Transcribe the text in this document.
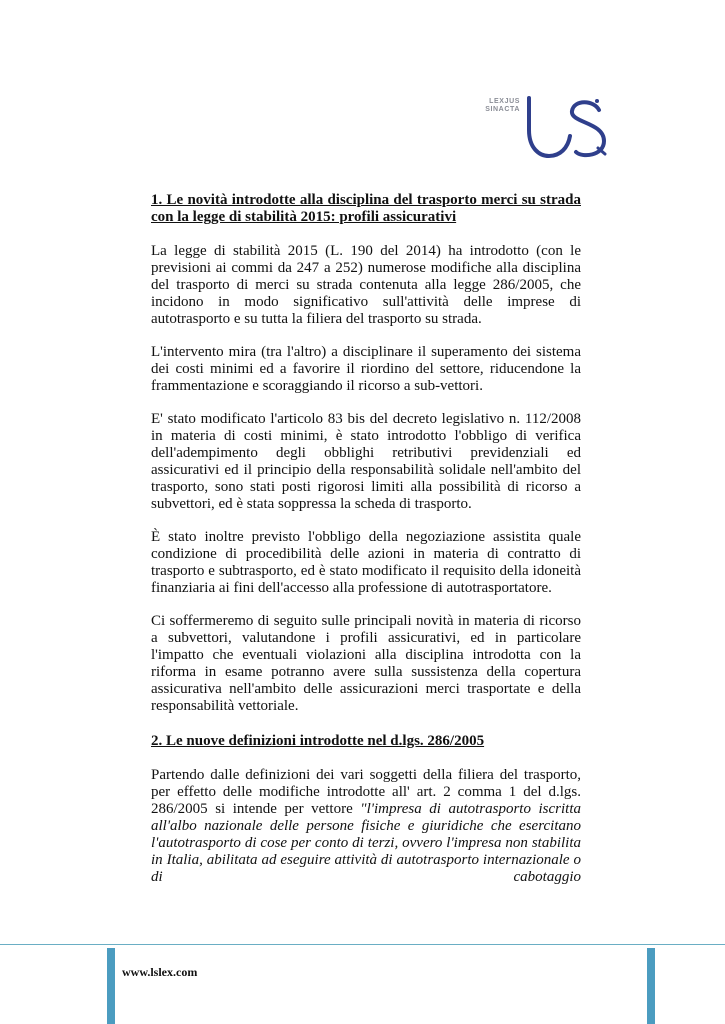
LEXJUS
SINACTA

1. Le novità introdotte alla disciplina del trasporto merci su strada con la legge di stabilità 2015: profili assicurativi

La legge di stabilità 2015 (L. 190 del 2014) ha introdotto (con le previsioni ai commi da 247 a 252) numerose modifiche alla disciplina del trasporto di merci su strada contenuta alla legge 286/2005, che incidono in modo significativo sull'attività delle imprese di autotrasporto e su tutta la filiera del trasporto su strada.

L'intervento mira (tra l'altro) a disciplinare il superamento dei sistema dei costi minimi ed a favorire il riordino del settore, riducendone la frammentazione e scoraggiando il ricorso a sub-vettori.

E' stato modificato l'articolo 83 bis del decreto legislativo n. 112/2008 in materia di costi minimi, è stato introdotto l'obbligo di verifica dell'adempimento degli obblighi retributivi previdenziali ed assicurativi ed il principio della responsabilità solidale nell'ambito del trasporto, sono stati posti rigorosi limiti alla possibilità di ricorso a subvettori, ed è stata soppressa la scheda di trasporto.

È stato inoltre previsto l'obbligo della negoziazione assistita quale condizione di procedibilità delle azioni in materia di contratto di trasporto e subtrasporto, ed è stato modificato il requisito della idoneità finanziaria ai fini dell'accesso alla professione di autotrasportatore.

Ci soffermeremo di seguito sulle principali novità in materia di ricorso a subvettori, valutandone i profili assicurativi, ed in particolare l'impatto che eventuali violazioni alla disciplina introdotta con la riforma in esame potranno avere sulla sussistenza della copertura assicurativa nell'ambito delle assicurazioni merci trasportate e della responsabilità vettoriale.

2. Le nuove definizioni introdotte nel d.lgs. 286/2005

Partendo dalle definizioni dei vari soggetti della filiera del trasporto, per effetto delle modifiche introdotte all' art. 2 comma 1 del d.lgs. 286/2005 si intende per vettore "l'impresa di autotrasporto iscritta all'albo nazionale delle persone fisiche e giuridiche che esercitano l'autotrasporto di cose per conto di terzi, ovvero l'impresa non stabilita in Italia, abilitata ad eseguire attività di autotrasporto internazionale o di cabotaggio

www.lslex.com
